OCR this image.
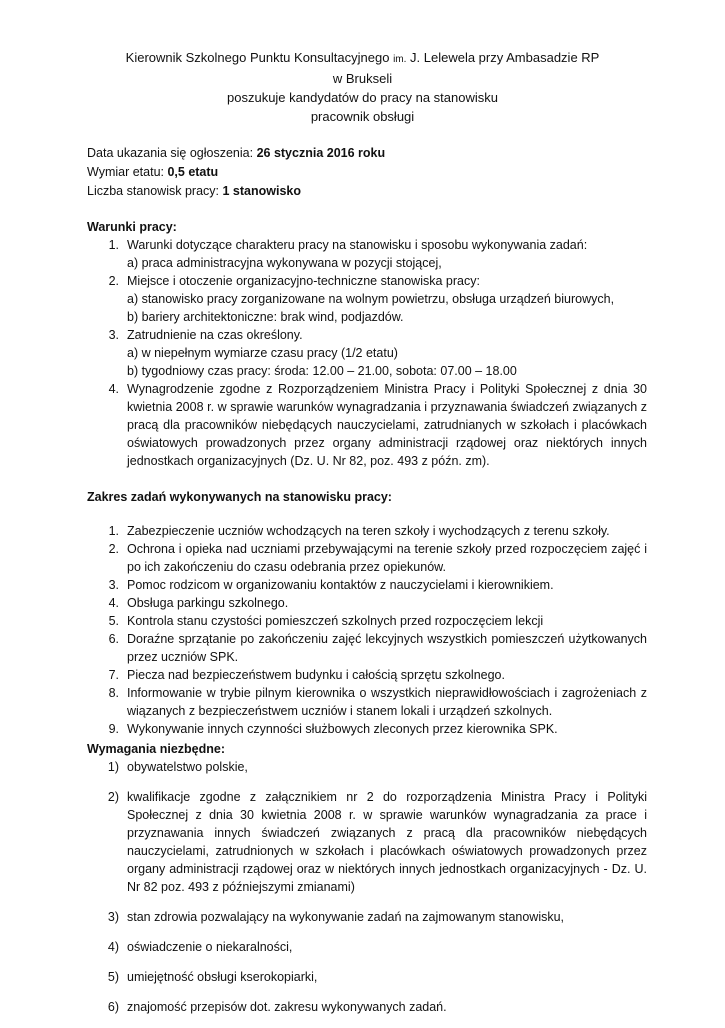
Kierownik Szkolnego Punktu Konsultacyjnego im. J. Lelewela przy Ambasadzie RP
w Brukseli
poszukuje kandydatów do pracy na stanowisku
pracownik obsługi
Data ukazania się ogłoszenia: 26 stycznia 2016 roku
Wymiar etatu: 0,5 etatu
Liczba stanowisk pracy: 1 stanowisko
Warunki pracy:
1. Warunki dotyczące charakteru pracy na stanowisku i sposobu wykonywania zadań:
a) praca administracyjna wykonywana w pozycji stojącej,
2. Miejsce i otoczenie organizacyjno-techniczne stanowiska pracy:
a) stanowisko pracy zorganizowane na wolnym powietrzu, obsługa urządzeń biurowych,
b) bariery architektoniczne: brak wind, podjazdów.
3. Zatrudnienie na czas określony.
a) w niepełnym wymiarze czasu pracy (1/2 etatu)
b) tygodniowy czas pracy: środa: 12.00 – 21.00, sobota: 07.00 – 18.00
4. Wynagrodzenie zgodne z Rozporządzeniem Ministra Pracy i Polityki Społecznej z dnia 30 kwietnia 2008 r. w sprawie warunków wynagradzania i przyznawania świadczeń związanych z pracą dla pracowników niebędących nauczycielami, zatrudnianych w szkołach i placówkach oświatowych prowadzonych przez organy administracji rządowej oraz niektórych innych jednostkach organizacyjnych (Dz. U. Nr 82, poz. 493 z późn. zm).
Zakres zadań wykonywanych na stanowisku pracy:
1. Zabezpieczenie uczniów wchodzących na teren szkoły i wychodzących z terenu szkoły.
2. Ochrona i opieka nad uczniami przebywającymi na terenie szkoły przed rozpoczęciem zajęć i po ich zakończeniu do czasu odebrania przez opiekunów.
3. Pomoc rodzicom w organizowaniu kontaktów z nauczycielami i kierownikiem.
4. Obsługa parkingu szkolnego.
5. Kontrola stanu czystości pomieszczeń szkolnych przed rozpoczęciem lekcji
6. Doraźne sprzątanie po zakończeniu zajęć lekcyjnych wszystkich pomieszczeń użytkowanych przez uczniów SPK.
7. Piecza nad bezpieczeństwem budynku i całością sprzętu szkolnego.
8. Informowanie w trybie pilnym kierownika o wszystkich nieprawidłowościach i zagrożeniach z wiązanych z bezpieczeństwem uczniów i stanem lokali i urządzeń szkolnych.
9. Wykonywanie innych czynności służbowych zleconych przez kierownika SPK.
Wymagania niezbędne:
1) obywatelstwo polskie,
2) kwalifikacje zgodne z załącznikiem nr 2 do rozporządzenia Ministra Pracy i Polityki Społecznej z dnia 30 kwietnia 2008 r. w sprawie warunków wynagradzania za prace i przyznawania innych świadczeń związanych z pracą dla pracowników niebędących nauczycielami, zatrudnionych w szkołach i placówkach oświatowych prowadzonych przez organy administracji rządowej oraz w niektórych innych jednostkach organizacyjnych - Dz. U. Nr 82 poz. 493 z późniejszymi zmianami)
3) stan zdrowia pozwalający na wykonywanie zadań na zajmowanym stanowisku,
4) oświadczenie o niekaralności,
5) umiejętność obsługi kserokopiarki,
6) znajomość przepisów dot. zakresu wykonywanych zadań.
